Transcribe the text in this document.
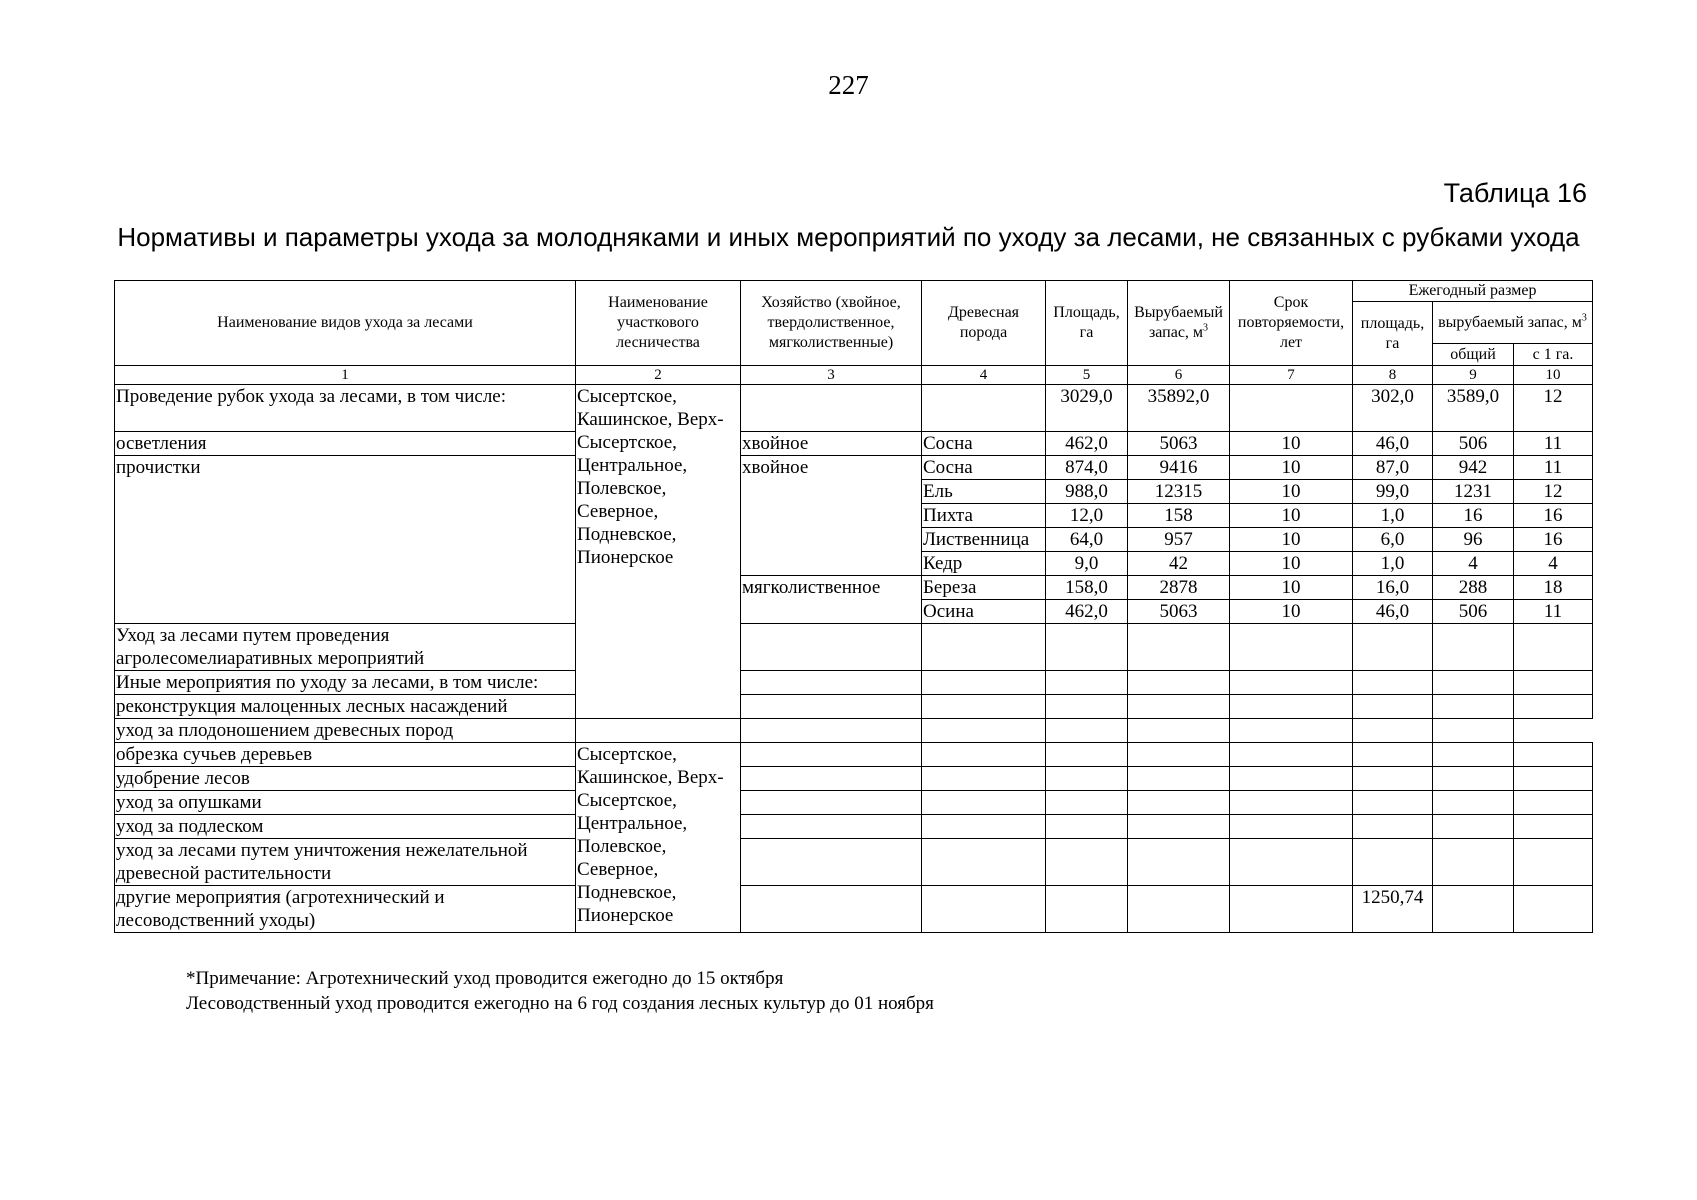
227
Таблица 16
Нормативы и параметры ухода за молодняками и иных мероприятий по уходу за лесами, не связанных с рубками ухода
Наименование видов ухода за лесами	Наименование участкового лесничества	Хозяйство (хвойное, твердолиственное, мягколиственные)	Древесная порода	Площадь, га	Вырубаемый запас, $м^3$	Срок повторяемости, лет	Ежегодный размер		
							площадь, га	вырубаемый запас, $м^3$
								общий	с 1 га.
1	2	3	4	5	6	7	8	9	10
Проведение рубок ухода за лесами, в том числе:	Сысертское, Кашинское, Верх-Сысертское, Центральное, Полевское, Северное, Подневское, Пионерское			3029,0	35892,0		302,0	3589,0	12
осветления		хвойное	Сосна	462,0	5063	10	46,0	506	11
прочистки		хвойное	Сосна	874,0	9416	10	87,0	942	11
			Ель	988,0	12315	10	99,0	1231	12
			Пихта	12,0	158	10	1,0	16	16
			Лиственница	64,0	957	10	6,0	96	16
			Кедр	9,0	42	10	1,0	4	4
		мягколиственное	Береза	158,0	2878	10	16,0	288	18
			Осина	462,0	5063	10	46,0	506	11
Уход за лесами путем проведения агролесомелиаративных мероприятий									
Иные мероприятия по уходу за лесами, в том числе:									
реконструкция малоценных лесных насаждений									
уход за плодоношением древесных пород									
обрезка сучьев деревьев	Сысертское, Кашинское, Верх-Сысертское, Центральное, Полевское, Северное, Подневское, Пионерское								
удобрение лесов									
уход за опушками									
уход за подлеском									
уход за лесами путем уничтожения нежелательной древесной растительности									
другие мероприятия (агротехнический и лесоводственний уходы)							1250,74		
*Примечание: Агротехнический уход проводится ежегодно до 15 октября
Лесоводственный уход проводится ежегодно на 6 год создания лесных культур до 01 ноября
